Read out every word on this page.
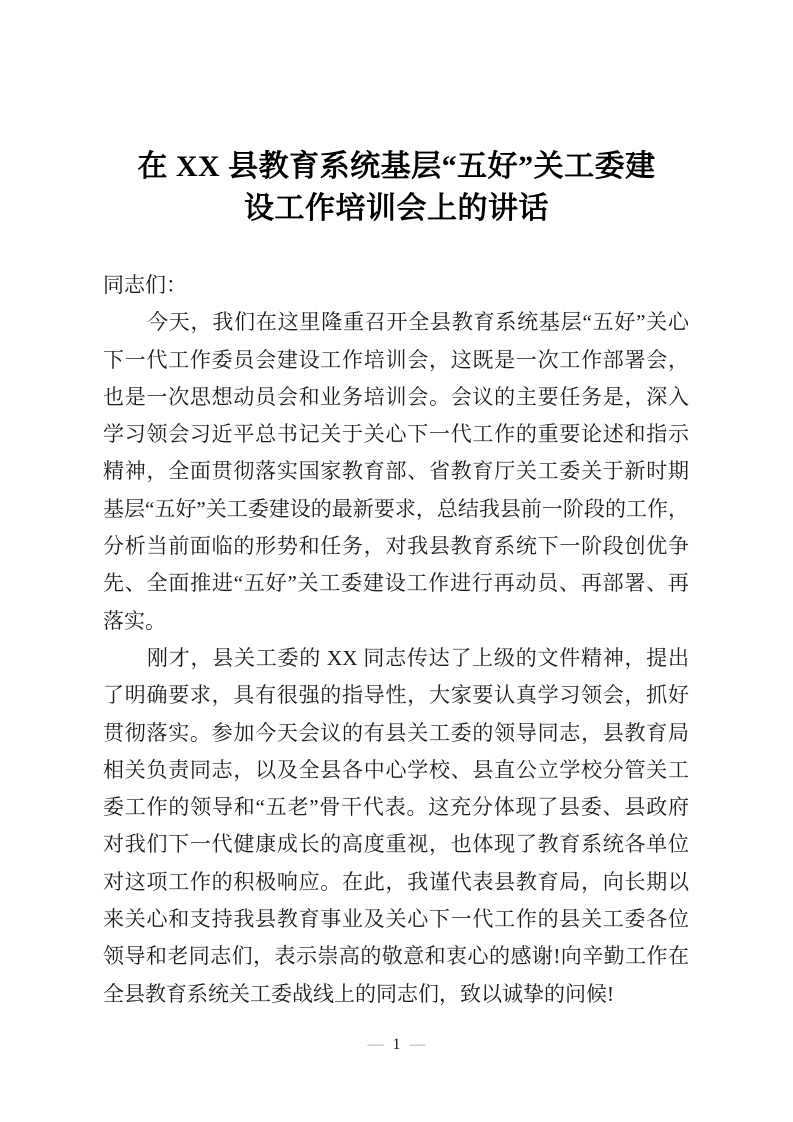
在 XX 县教育系统基层“五好”关工委建
设工作培训会上的讲话
同志们：
今天，我们在这里隆重召开全县教育系统基层“五好”关心
下一代工作委员会建设工作培训会，这既是一次工作部署会，
也是一次思想动员会和业务培训会。会议的主要任务是，深入
学习领会习近平总书记关于关心下一代工作的重要论述和指示
精神，全面贯彻落实国家教育部、省教育厅关工委关于新时期
基层“五好”关工委建设的最新要求，总结我县前一阶段的工作，
分析当前面临的形势和任务，对我县教育系统下一阶段创优争
先、全面推进“五好”关工委建设工作进行再动员、再部署、再
落实。
刚才，县关工委的 XX 同志传达了上级的文件精神，提出
了明确要求，具有很强的指导性，大家要认真学习领会，抓好
贯彻落实。参加今天会议的有县关工委的领导同志，县教育局
相关负责同志，以及全县各中心学校、县直公立学校分管关工
委工作的领导和“五老”骨干代表。这充分体现了县委、县政府
对我们下一代健康成长的高度重视，也体现了教育系统各单位
对这项工作的积极响应。在此，我谨代表县教育局，向长期以
来关心和支持我县教育事业及关心下一代工作的县关工委各位
领导和老同志们，表示崇高的敬意和衷心的感谢!向辛勤工作在
全县教育系统关工委战线上的同志们，致以诚挚的问候!
— 1 —
